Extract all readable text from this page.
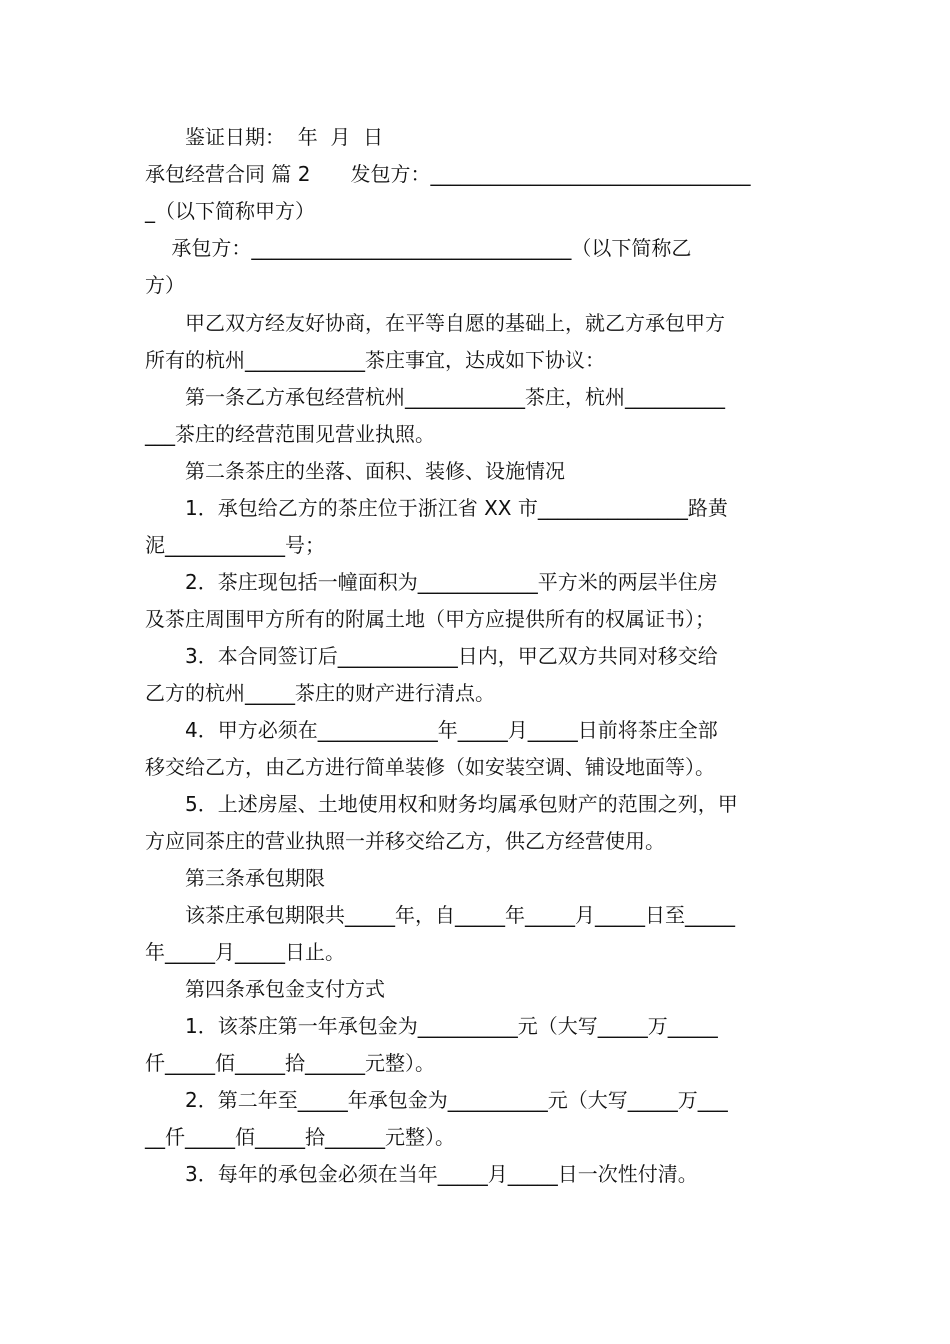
　　鉴证日期：  年  月  日
承包经营合同 篇 2　　发包方：________________________________
_（以下简称甲方）
　 承包方：________________________________（以下简称乙
方）
　　甲乙双方经友好协商，在平等自愿的基础上，就乙方承包甲方
所有的杭州____________茶庄事宜，达成如下协议：
　　第一条乙方承包经营杭州____________茶庄，杭州__________
___茶庄的经营范围见营业执照。
　　第二条茶庄的坐落、面积、装修、设施情况
　　1．承包给乙方的茶庄位于浙江省 XX 市_______________路黄
泥____________号；
　　2．茶庄现包括一幢面积为____________平方米的两层半住房
及茶庄周围甲方所有的附属土地（甲方应提供所有的权属证书）；
　　3．本合同签订后____________日内，甲乙双方共同对移交给
乙方的杭州_____茶庄的财产进行清点。
　　4．甲方必须在____________年_____月_____日前将茶庄全部
移交给乙方，由乙方进行简单装修（如安装空调、铺设地面等）。
　　5．上述房屋、土地使用权和财务均属承包财产的范围之列，甲
方应同茶庄的营业执照一并移交给乙方，供乙方经营使用。
　　第三条承包期限
　　该茶庄承包期限共_____年，自_____年_____月_____日至_____
年_____月_____日止。
　　第四条承包金支付方式
　　1．该茶庄第一年承包金为__________元（大写_____万_____
仟_____佰_____拾______元整）。
　　2．第二年至_____年承包金为__________元（大写_____万___
__仟_____佰_____拾______元整）。
　　3．每年的承包金必须在当年_____月_____日一次性付清。
